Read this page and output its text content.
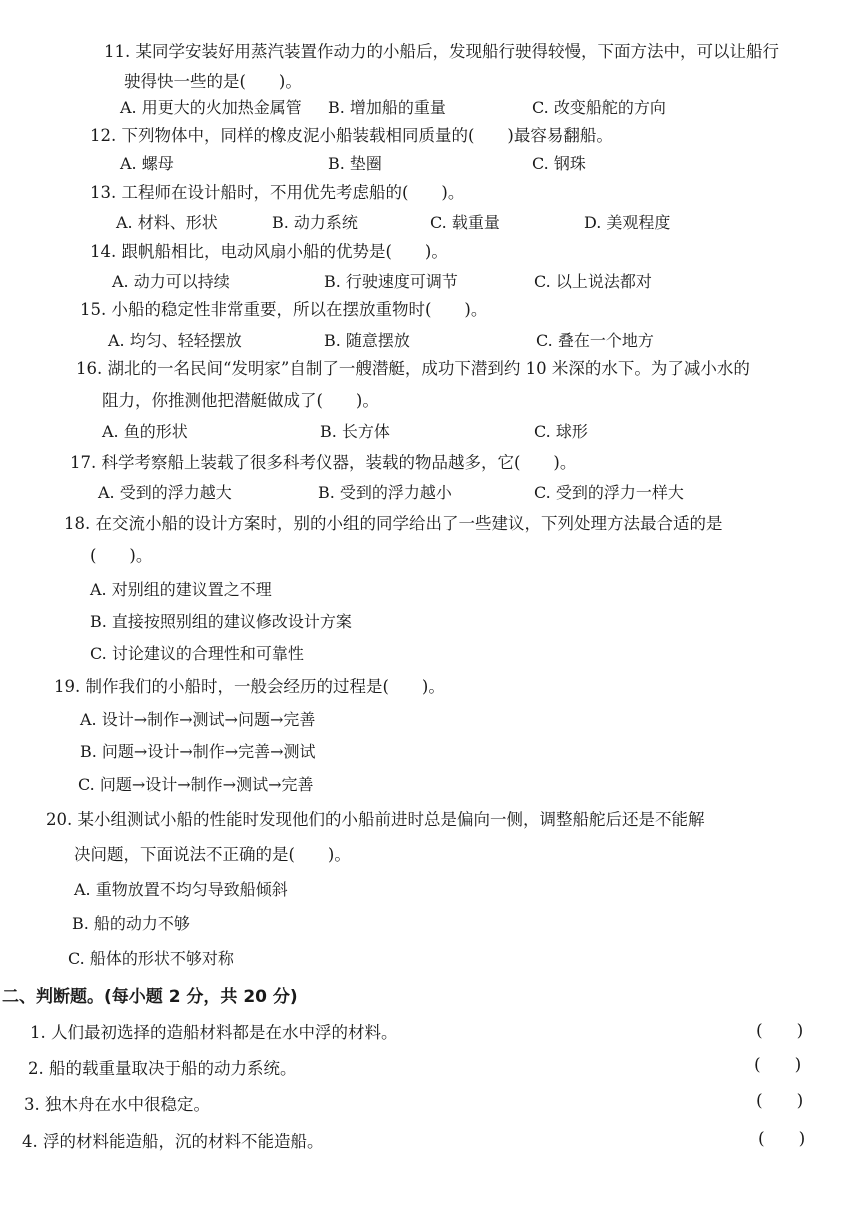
11. 某同学安装好用蒸汽装置作动力的小船后，发现船行驶得较慢，下面方法中，可以让船行
驶得快一些的是(　　)。
A. 用更大的火加热金属管 B. 增加船的重量	C. 改变船舵的方向
12. 下列物体中，同样的橡皮泥小船装载相同质量的(　　)最容易翻船。
A. 螺母	B. 垫圈	C. 钢珠
13. 工程师在设计船时，不用优先考虑船的(　　)。
A. 材料、形状	B. 动力系统	C. 载重量	D. 美观程度
14. 跟帆船相比，电动风扇小船的优势是(　　)。
A. 动力可以持续	B. 行驶速度可调节	C. 以上说法都对
15. 小船的稳定性非常重要，所以在摆放重物时(　　)。
A. 均匀、轻轻摆放	B. 随意摆放	C. 叠在一个地方
16. 湖北的一名民间“发明家”自制了一艘潜艇，成功下潜到约 10 米深的水下。为了减小水的
阻力，你推测他把潜艇做成了(　　)。
A. 鱼的形状	B. 长方体	C. 球形
17. 科学考察船上装载了很多科考仪器，装载的物品越多，它(　　)。
A. 受到的浮力越大	B. 受到的浮力越小	C. 受到的浮力一样大
18. 在交流小船的设计方案时，别的小组的同学给出了一些建议，下列处理方法最合适的是
(　　)。
A. 对别组的建议置之不理
B. 直接按照别组的建议修改设计方案
C. 讨论建议的合理性和可靠性
19. 制作我们的小船时，一般会经历的过程是(　　)。
A. 设计→制作→测试→问题→完善
B. 问题→设计→制作→完善→测试
C. 问题→设计→制作→测试→完善
20. 某小组测试小船的性能时发现他们的小船前进时总是偏向一侧，调整船舵后还是不能解
决问题，下面说法不正确的是(　　)。
A. 重物放置不均匀导致船倾斜
B. 船的动力不够
C. 船体的形状不够对称
二、判断题。(每小题 2 分，共 20 分)
1. 人们最初选择的造船材料都是在水中浮的材料。	(　　)
2. 船的载重量取决于船的动力系统。	(　　)
3. 独木舟在水中很稳定。	(　　)
4. 浮的材料能造船，沉的材料不能造船。	(　　)
